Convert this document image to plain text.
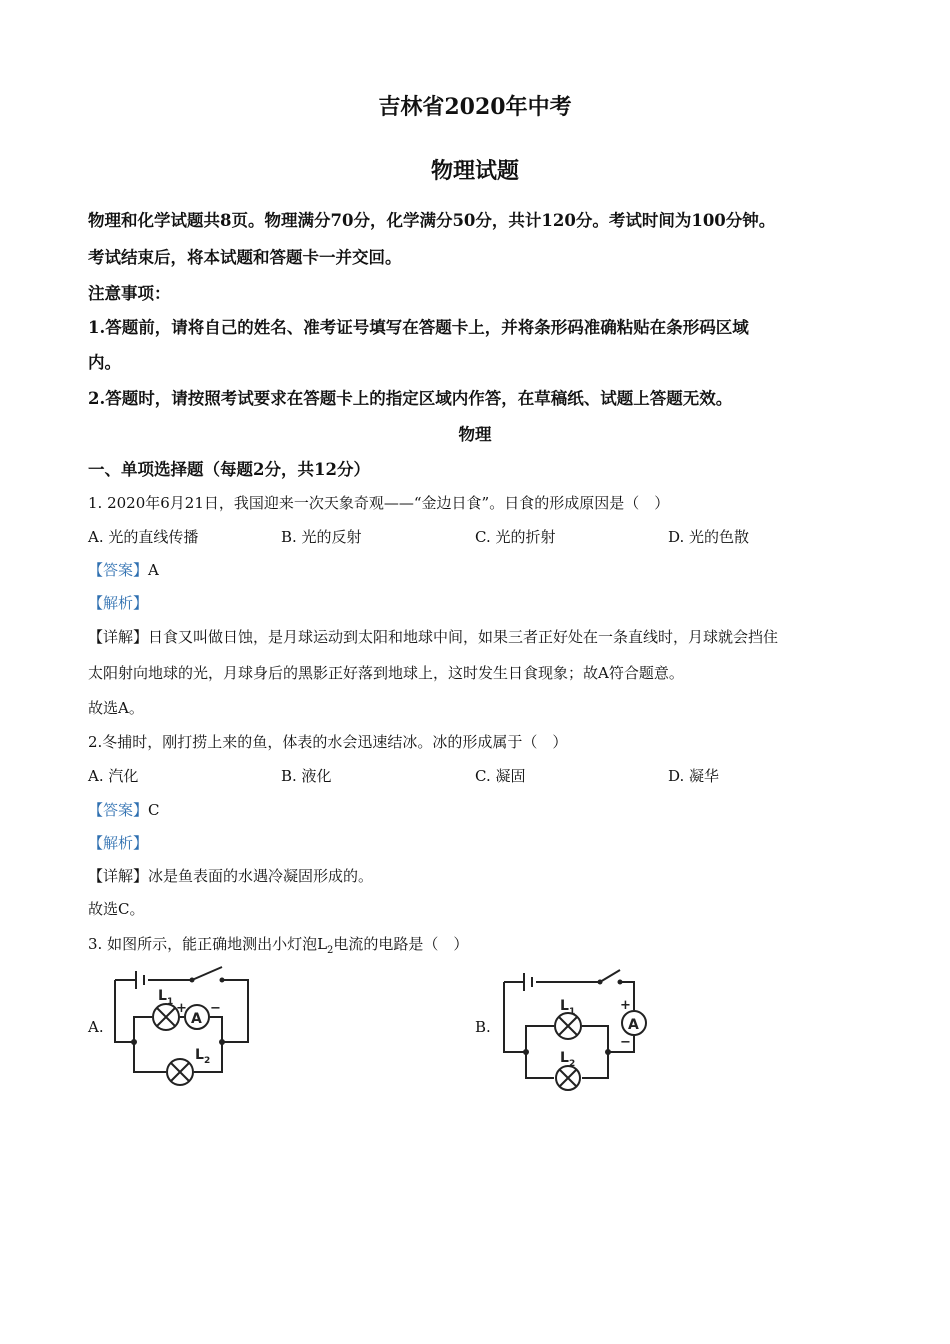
吉林省2020年中考
物理试题
物理和化学试题共8页。物理满分70分，化学满分50分，共计120分。考试时间为100分钟。
考试结束后，将本试题和答题卡一并交回。
注意事项：
1.答题前，请将自己的姓名、准考证号填写在答题卡上，并将条形码准确粘贴在条形码区域
内。
2.答题时，请按照考试要求在答题卡上的指定区域内作答，在草稿纸、试题上答题无效。
物理
一、单项选择题（每题2分，共12分）
1. 2020年6月21日，我国迎来一次天象奇观——“金边日食”。日食的形成原因是（　）
A. 光的直线传播	B. 光的反射	C. 光的折射	D. 光的色散
【答案】A
【解析】
【详解】日食又叫做日蚀，是月球运动到太阳和地球中间，如果三者正好处在一条直线时，月球就会挡住
太阳射向地球的光，月球身后的黑影正好落到地球上，这时发生日食现象；故A符合题意。
故选A。
2.冬捕时，刚打捞上来的鱼，体表的水会迅速结冰。冰的形成属于（　）
A. 汽化	B. 液化	C. 凝固	D. 凝华
【答案】C
【解析】
【详解】冰是鱼表面的水遇冷凝固形成的。
故选C。
3. 如图所示，能正确地测出小灯泡$L_2$电流的电路是（　）
A.	B.
A
+ −
L 1
L 2
A
+
−
L 1
L 2
